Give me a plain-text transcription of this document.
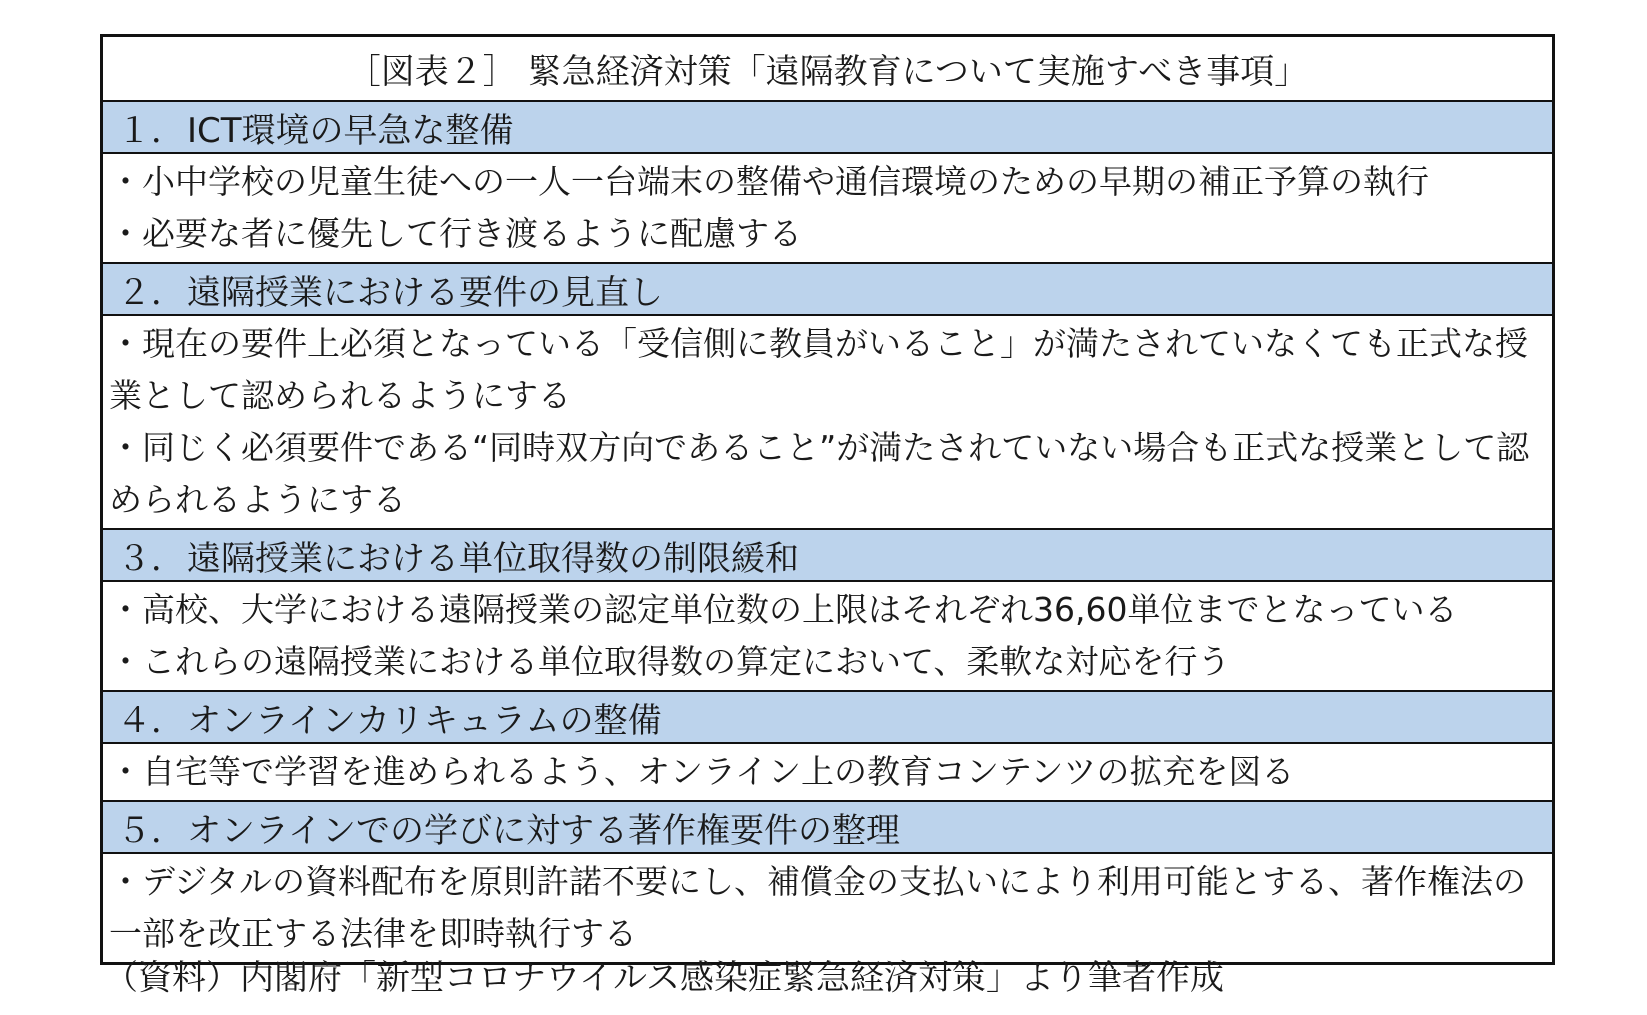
［図表２］ 緊急経済対策「遠隔教育について実施すべき事項」
１． ICT環境の早急な整備
・小中学校の児童生徒への一人一台端末の整備や通信環境のための早期の補正予算の執行
・必要な者に優先して行き渡るように配慮する
２． 遠隔授業における要件の見直し
・現在の要件上必須となっている「受信側に教員がいること」が満たされていなくても正式な授業として認められるようにする
・同じく必須要件である“同時双方向であること”が満たされていない場合も正式な授業として認められるようにする
３． 遠隔授業における単位取得数の制限緩和
・高校、大学における遠隔授業の認定単位数の上限はそれぞれ36,60単位までとなっている
・これらの遠隔授業における単位取得数の算定において、柔軟な対応を行う
４． オンラインカリキュラムの整備
・自宅等で学習を進められるよう、オンライン上の教育コンテンツの拡充を図る
５． オンラインでの学びに対する著作権要件の整理
・デジタルの資料配布を原則許諾不要にし、補償金の支払いにより利用可能とする、著作権法の一部を改正する法律を即時執行する
（資料）内閣府「新型コロナウイルス感染症緊急経済対策」より筆者作成
